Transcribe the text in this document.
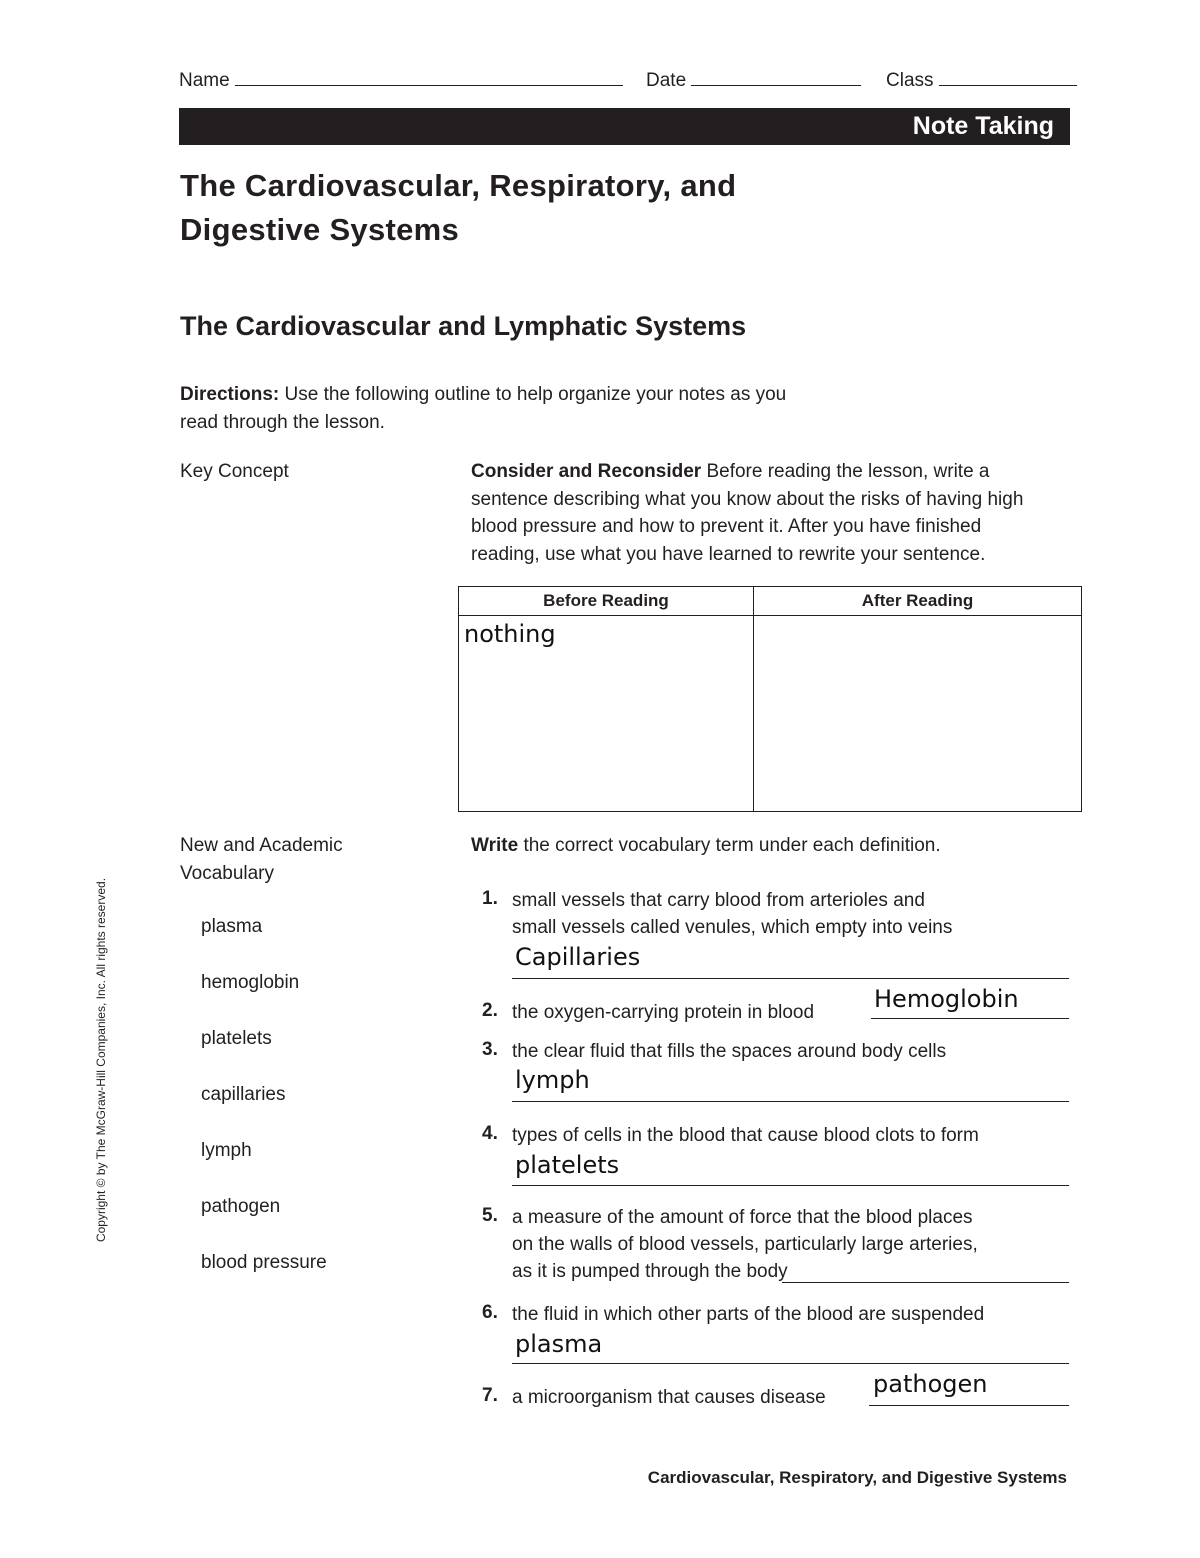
Name	Date	Class
Note Taking
The Cardiovascular, Respiratory, and
Digestive Systems
The Cardiovascular and Lymphatic Systems
Directions: Use the following outline to help organize your notes as you
read through the lesson.
Key Concept	Consider and Reconsider Before reading the lesson, write a
sentence describing what you know about the risks of having high
blood pressure and how to prevent it. After you have finished
reading, use what you have learned to rewrite your sentence.
Before Reading	After Reading
nothing	
New and Academic
Vocabulary
plasma
hemoglobin
platelets
capillaries
lymph
pathogen
blood pressure
Write the correct vocabulary term under each definition.
1. small vessels that carry blood from arterioles and
small vessels called venules, which empty into veins
Capillaries
2. the oxygen-carrying protein in blood Hemoglobin
3. the clear fluid that fills the spaces around body cells
lymph
4. types of cells in the blood that cause blood clots to form
platelets
5. a measure of the amount of force that the blood places
on the walls of blood vessels, particularly large arteries,
as it is pumped through the body
6. the fluid in which other parts of the blood are suspended
plasma
7. a microorganism that causes disease pathogen
Copyright © by The McGraw-Hill Companies, Inc. All rights reserved.
Cardiovascular, Respiratory, and Digestive Systems
